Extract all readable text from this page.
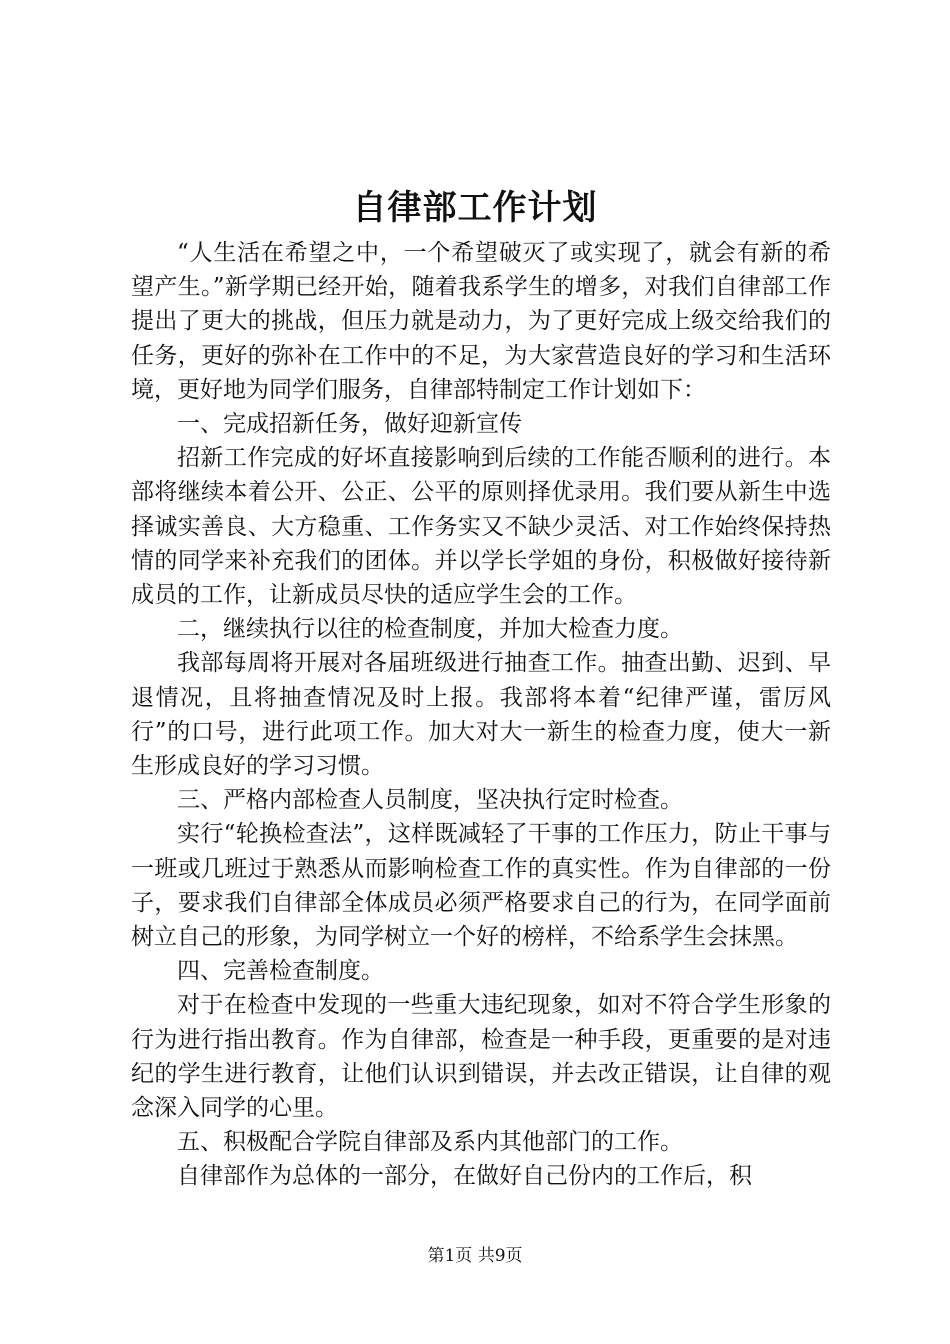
自律部工作计划

“人生活在希望之中，一个希望破灭了或实现了，就会有新的希望产生。”新学期已经开始，随着我系学生的增多，对我们自律部工作提出了更大的挑战，但压力就是动力，为了更好完成上级交给我们的任务，更好的弥补在工作中的不足，为大家营造良好的学习和生活环境，更好地为同学们服务，自律部特制定工作计划如下：

一、完成招新任务，做好迎新宣传

招新工作完成的好坏直接影响到后续的工作能否顺利的进行。本部将继续本着公开、公正、公平的原则择优录用。我们要从新生中选择诚实善良、大方稳重、工作务实又不缺少灵活、对工作始终保持热情的同学来补充我们的团体。并以学长学姐的身份，积极做好接待新成员的工作，让新成员尽快的适应学生会的工作。

二，继续执行以往的检查制度，并加大检查力度。

我部每周将开展对各届班级进行抽查工作。抽查出勤、迟到、早退情况，且将抽查情况及时上报。我部将本着“纪律严谨，雷厉风行”的口号，进行此项工作。加大对大一新生的检查力度，使大一新生形成良好的学习习惯。

三、严格内部检查人员制度，坚决执行定时检查。

实行“轮换检查法”，这样既减轻了干事的工作压力，防止干事与一班或几班过于熟悉从而影响检查工作的真实性。作为自律部的一份子，要求我们自律部全体成员必须严格要求自己的行为，在同学面前树立自己的形象，为同学树立一个好的榜样，不给系学生会抹黑。

四、完善检查制度。

对于在检查中发现的一些重大违纪现象，如对不符合学生形象的行为进行指出教育。作为自律部，检查是一种手段，更重要的是对违纪的学生进行教育，让他们认识到错误，并去改正错误，让自律的观念深入同学的心里。

五、积极配合学院自律部及系内其他部门的工作。

自律部作为总体的一部分，在做好自己份内的工作后，积

第1页 共9页
